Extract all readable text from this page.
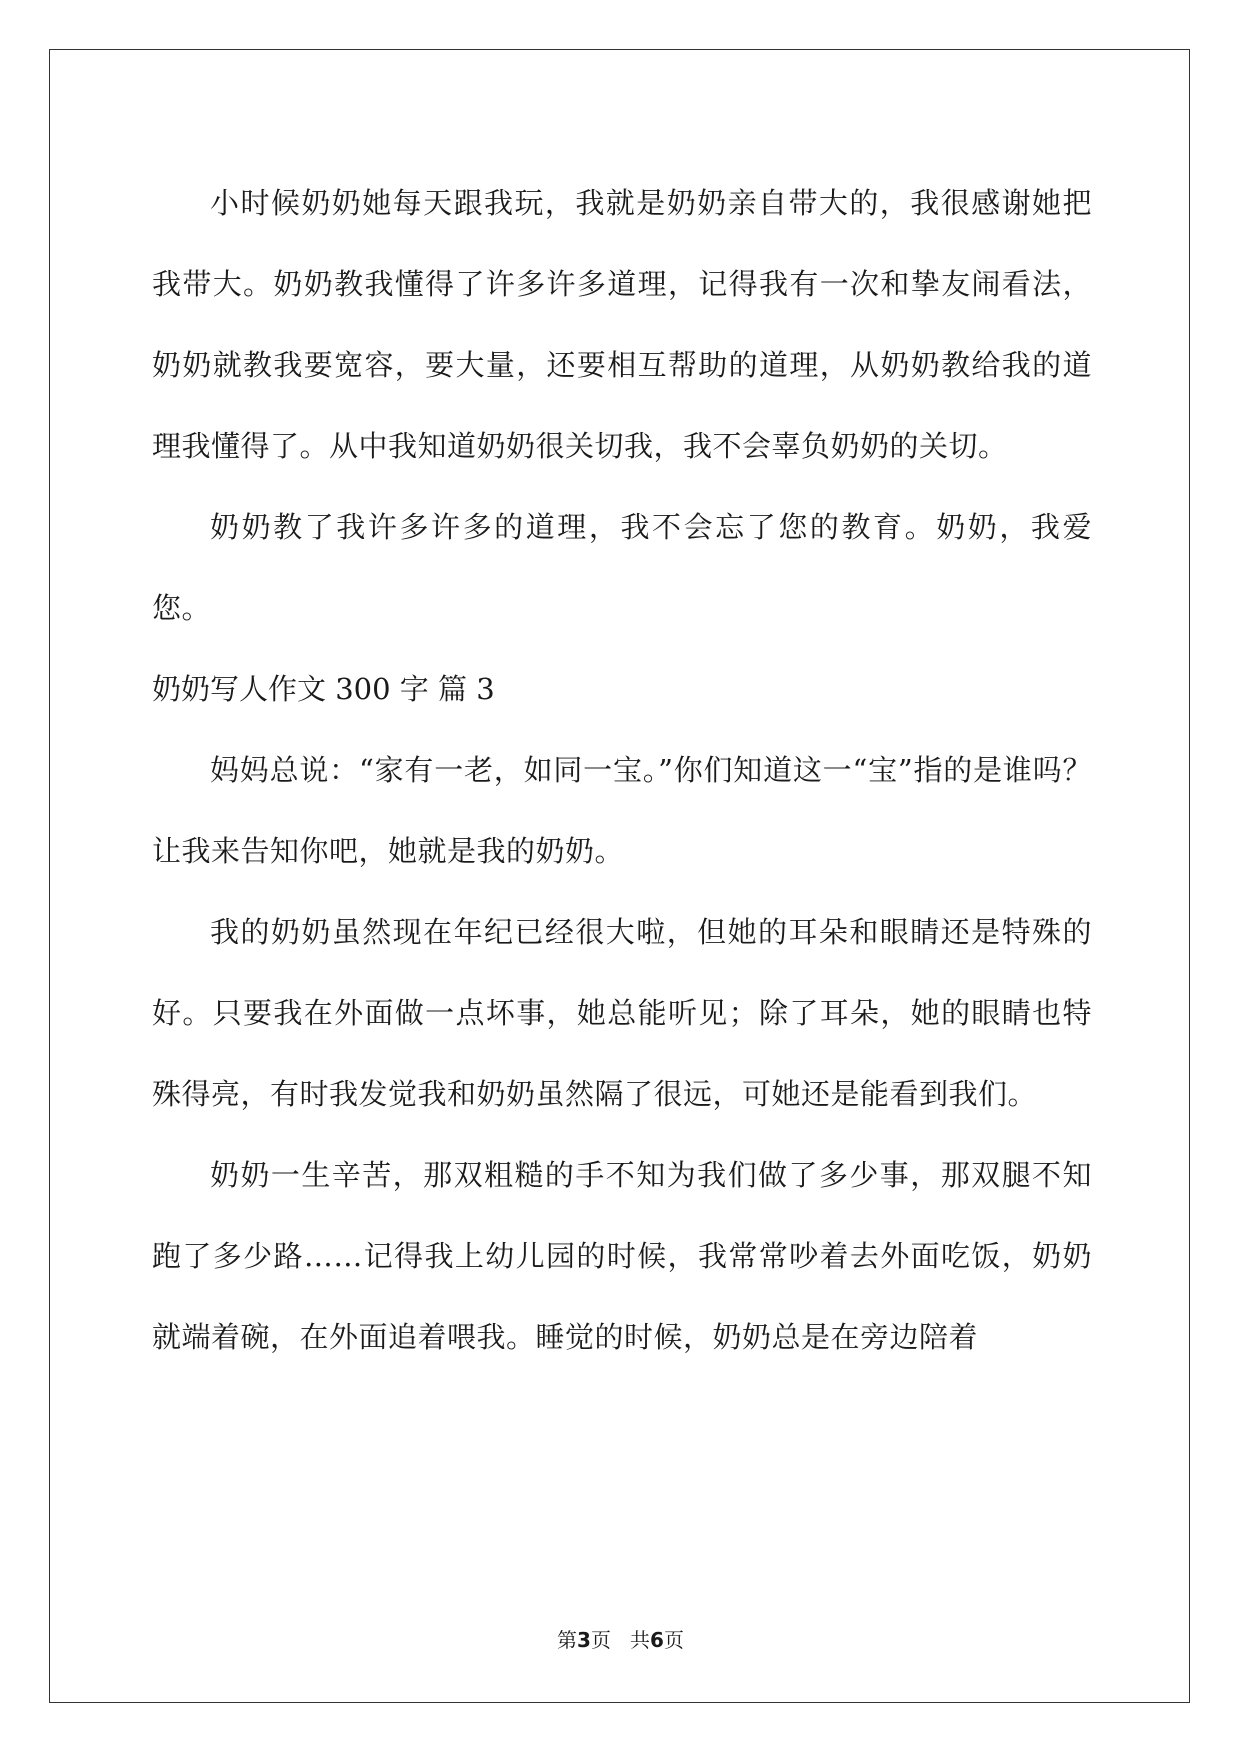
小时候奶奶她每天跟我玩，我就是奶奶亲自带大的，我很感谢她把我带大。奶奶教我懂得了许多许多道理，记得我有一次和挚友闹看法，奶奶就教我要宽容，要大量，还要相互帮助的道理，从奶奶教给我的道理我懂得了。从中我知道奶奶很关切我，我不会辜负奶奶的关切。

奶奶教了我许多许多的道理，我不会忘了您的教育。奶奶，我爱您。

奶奶写人作文 300 字 篇 3

妈妈总说：“家有一老，如同一宝。”你们知道这一“宝”指的是谁吗？让我来告知你吧，她就是我的奶奶。

我的奶奶虽然现在年纪已经很大啦，但她的耳朵和眼睛还是特殊的好。只要我在外面做一点坏事，她总能听见；除了耳朵，她的眼睛也特殊得亮，有时我发觉我和奶奶虽然隔了很远，可她还是能看到我们。

奶奶一生辛苦，那双粗糙的手不知为我们做了多少事，那双腿不知跑了多少路……记得我上幼儿园的时候，我常常吵着去外面吃饭，奶奶就端着碗，在外面追着喂我。睡觉的时候，奶奶总是在旁边陪着

第3页   共6页
